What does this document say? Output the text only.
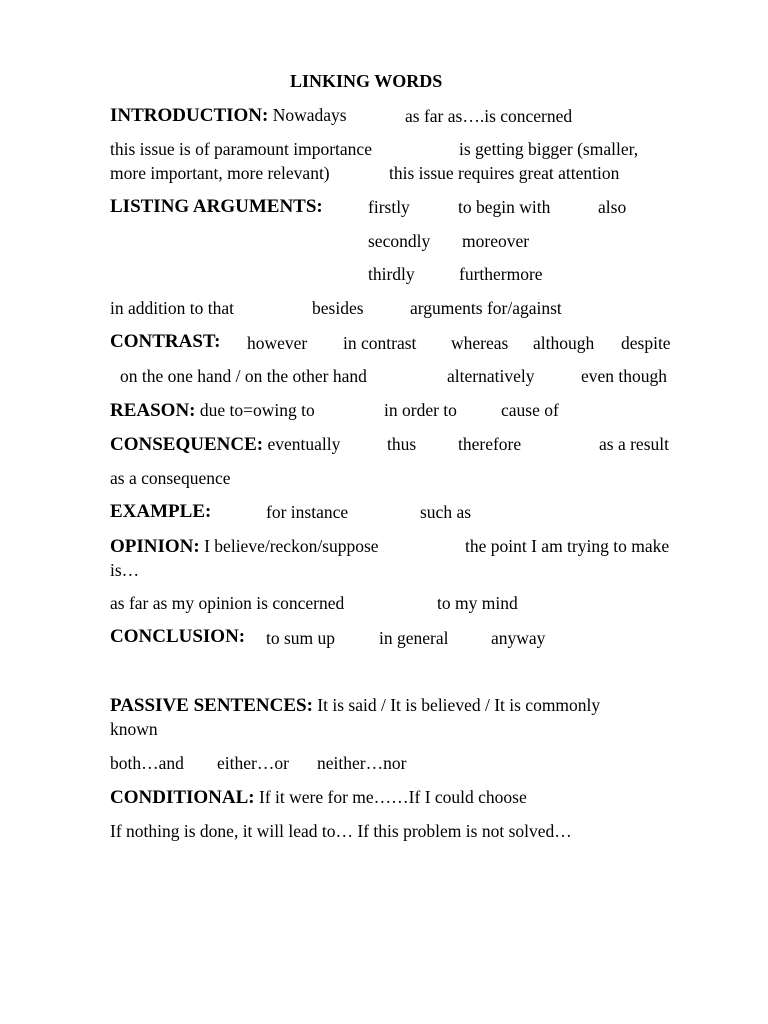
LINKING WORDS
INTRODUCTION: Nowadays	as far as….is concerned
this issue is of paramount importance	is getting bigger (smaller,
more important, more relevant)	this issue requires great attention
LISTING ARGUMENTS:	firstly	to begin with	also
secondly moreover
thirdly	furthermore
in addition to that	besides	arguments for/against
CONTRAST: however in contrast whereas although despite
on the one hand / on the other hand	alternatively	even though
REASON: due to=owing to	in order to	cause of
CONSEQUENCE: eventually	thus therefore	as a result
as a consequence
EXAMPLE:	for instance	such as
OPINION: I believe/reckon/suppose	the point I am trying to make
is…
as far as my opinion is concerned	to my mind
CONCLUSION: to sum up	in general anyway
PASSIVE SENTENCES: It is said / It is believed / It is commonly
known
both…and either…or neither…nor
CONDITIONAL: If it were for me……If I could choose
If nothing is done, it will lead to… If this problem is not solved…
